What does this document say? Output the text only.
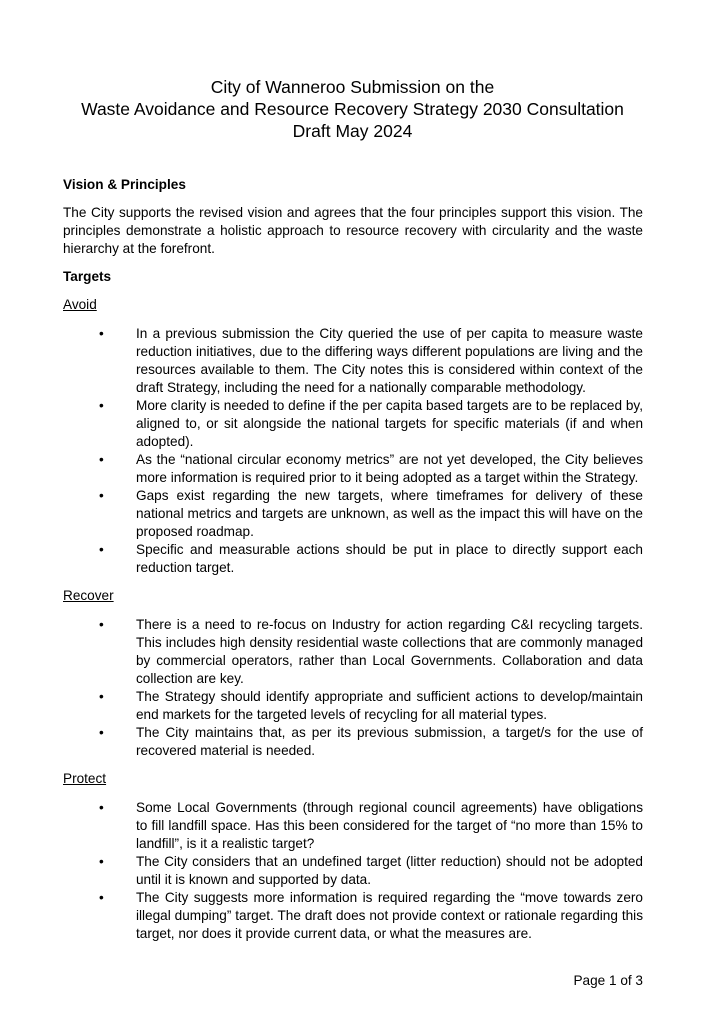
City of Wanneroo Submission on the
Waste Avoidance and Resource Recovery Strategy 2030 Consultation
Draft May 2024

Vision & Principles

The City supports the revised vision and agrees that the four principles support this vision. The principles demonstrate a holistic approach to resource recovery with circularity and the waste hierarchy at the forefront.

Targets

Avoid

• In a previous submission the City queried the use of per capita to measure waste reduction initiatives, due to the differing ways different populations are living and the resources available to them. The City notes this is considered within context of the draft Strategy, including the need for a nationally comparable methodology.
• More clarity is needed to define if the per capita based targets are to be replaced by, aligned to, or sit alongside the national targets for specific materials (if and when adopted).
• As the “national circular economy metrics” are not yet developed, the City believes more information is required prior to it being adopted as a target within the Strategy.
• Gaps exist regarding the new targets, where timeframes for delivery of these national metrics and targets are unknown, as well as the impact this will have on the proposed roadmap.
• Specific and measurable actions should be put in place to directly support each reduction target.

Recover

• There is a need to re-focus on Industry for action regarding C&I recycling targets. This includes high density residential waste collections that are commonly managed by commercial operators, rather than Local Governments. Collaboration and data collection are key.
• The Strategy should identify appropriate and sufficient actions to develop/maintain end markets for the targeted levels of recycling for all material types.
• The City maintains that, as per its previous submission, a target/s for the use of recovered material is needed.

Protect

• Some Local Governments (through regional council agreements) have obligations to fill landfill space. Has this been considered for the target of “no more than 15% to landfill”, is it a realistic target?
• The City considers that an undefined target (litter reduction) should not be adopted until it is known and supported by data.
• The City suggests more information is required regarding the “move towards zero illegal dumping” target. The draft does not provide context or rationale regarding this target, nor does it provide current data, or what the measures are.
Page 1 of 3
